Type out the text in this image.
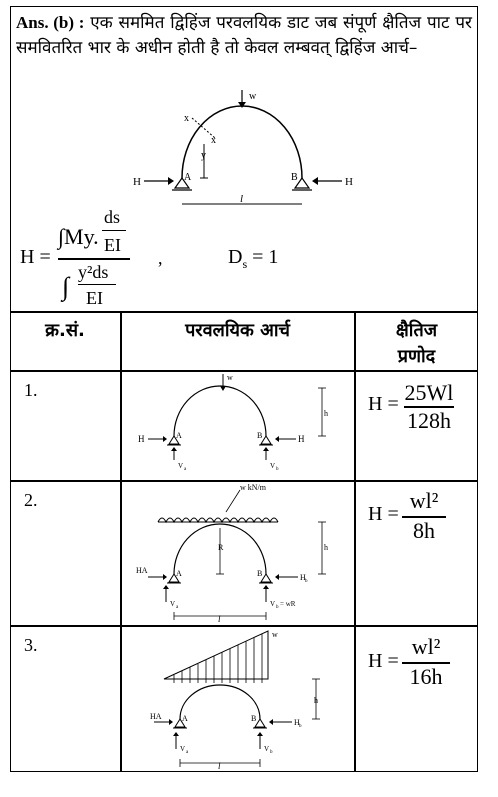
Ans. (b) : एक सममित द्विहिंज परवलयिक डाट जब संपूर्ण क्षैतिज पाट पर समवितरित भार के अधीन होती है तो केवल लम्बवत् द्विहिंज आर्च–
w
x
x
y
A	B
H	H
l
H =
∫My.
ds
EI
∫ y²ds
EI
,	$D_s = 1$
क्र.सं.	परवलयिक आर्च	क्षैतिज
प्रणोद
1.
w
h
A	B
H	H
V a	V b
H = 25Wl
128h
2.
w kN/m
R	h
A	B
HA
H b
V a	V b = wR
l
H =
wl²
8h
3.
w
h
A	B
HA
H b
V a	V b
l
H =
wl²
16h
